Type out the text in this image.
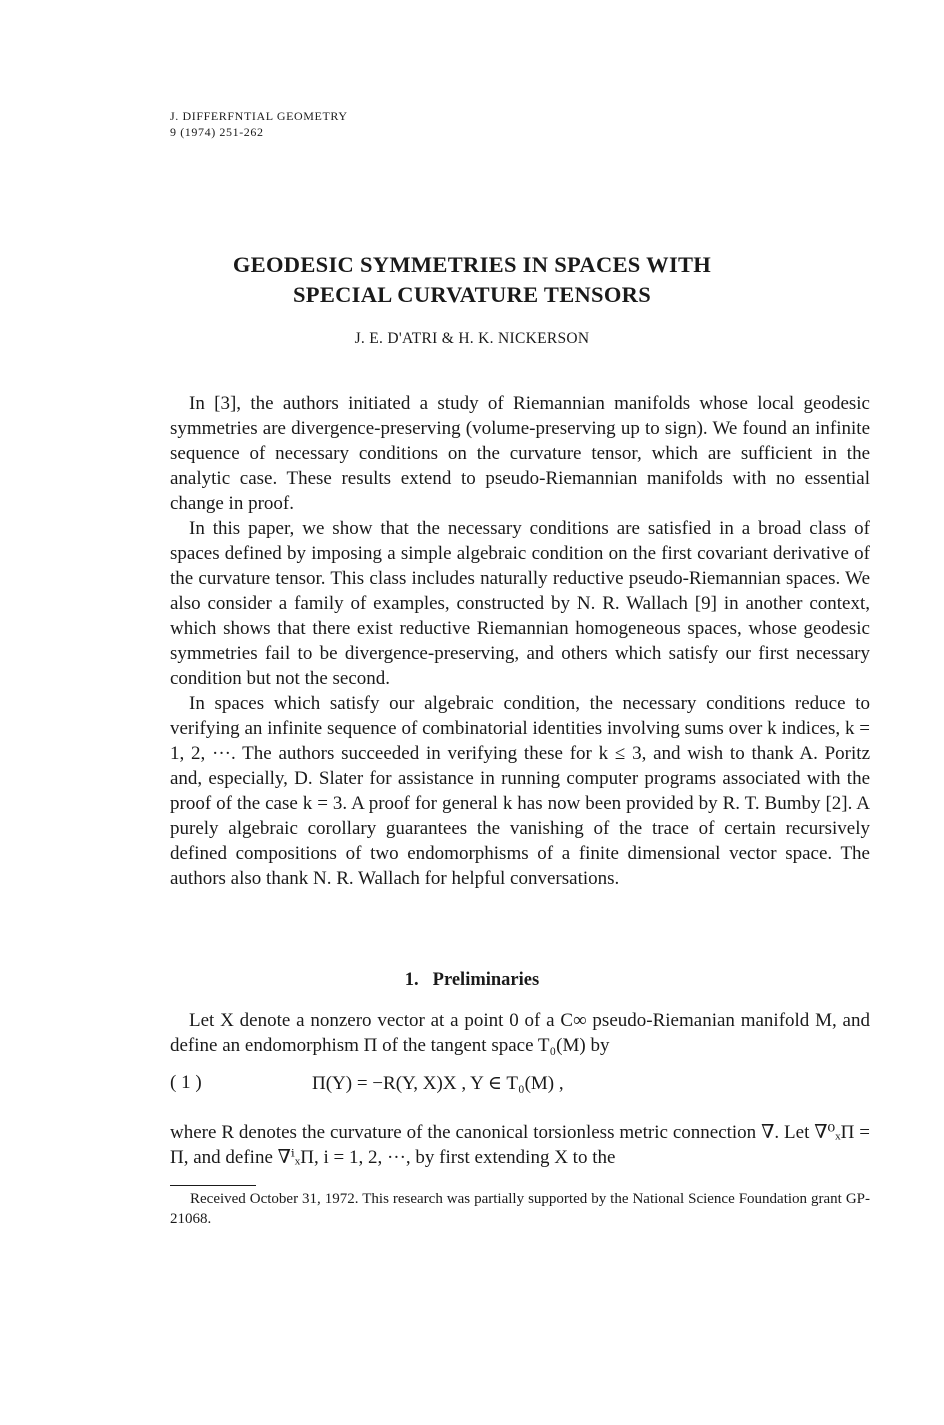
J. DIFFERFNTIAL GEOMETRY
9 (1974) 251-262
GEODESIC SYMMETRIES IN SPACES WITH
SPECIAL CURVATURE TENSORS
J. E. D'ATRI & H. K. NICKERSON

In [3], the authors initiated a study of Riemannian manifolds whose local geodesic symmetries are divergence-preserving (volume-preserving up to sign). We found an infinite sequence of necessary conditions on the curvature tensor, which are sufficient in the analytic case. These results extend to pseudo-Riemannian manifolds with no essential change in proof.

In this paper, we show that the necessary conditions are satisfied in a broad class of spaces defined by imposing a simple algebraic condition on the first covariant derivative of the curvature tensor. This class includes naturally reductive pseudo-Riemannian spaces. We also consider a family of examples, constructed by N. R. Wallach [9] in another context, which shows that there exist reductive Riemannian homogeneous spaces, whose geodesic symmetries fail to be divergence-preserving, and others which satisfy our first necessary condition but not the second.

In spaces which satisfy our algebraic condition, the necessary conditions reduce to verifying an infinite sequence of combinatorial identities involving sums over k indices, k = 1, 2, ···. The authors succeeded in verifying these for k ≤ 3, and wish to thank A. Poritz and, especially, D. Slater for assistance in running computer programs associated with the proof of the case k = 3. A proof for general k has now been provided by R. T. Bumby [2]. A purely algebraic corollary guarantees the vanishing of the trace of certain recursively defined compositions of two endomorphisms of a finite dimensional vector space. The authors also thank N. R. Wallach for helpful conversations.

1. Preliminaries

Let X denote a nonzero vector at a point 0 of a C∞ pseudo-Riemanian manifold M, and define an endomorphism Π of the tangent space T₀(M) by

( 1 )	Π(Y) = −R(Y, X)X , Y ∈ T₀(M) ,

where R denotes the curvature of the canonical torsionless metric connection ∇. Let ∇⁰ₓΠ = Π, and define ∇ⁱₓΠ, i = 1, 2, ···, by first extending X to the

Received October 31, 1972. This research was partially supported by the National Science Foundation grant GP-21068.
